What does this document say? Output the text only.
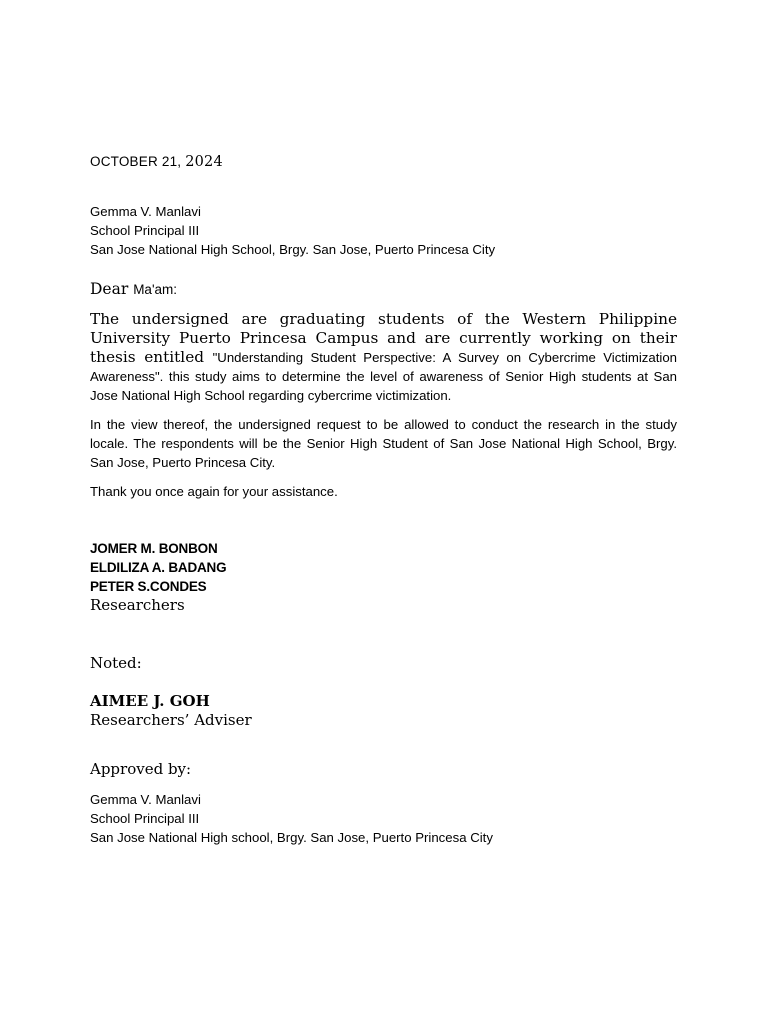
OCTOBER 21, 2024
Gemma V. Manlavi
School Principal III
San Jose National High School, Brgy. San Jose, Puerto Princesa City
Dear Ma'am:
The undersigned are graduating students of the Western Philippine University Puerto Princesa Campus and are currently working on their thesis entitled "Understanding Student Perspective: A Survey on Cybercrime Victimization Awareness". this study aims to determine the level of awareness of Senior High students at San Jose National High School regarding cybercrime victimization.
In the view thereof, the undersigned request to be allowed to conduct the research in the study locale. The respondents will be the Senior High Student of San Jose National High School, Brgy. San Jose, Puerto Princesa City.
Thank you once again for your assistance.
JOMER M. BONBON
ELDILIZA A. BADANG
PETER S.CONDES
Researchers
Noted:
AIMEE J. GOH
Researchers’ Adviser
Approved by:
Gemma V. Manlavi
School Principal III
San Jose National High school, Brgy. San Jose, Puerto Princesa City
